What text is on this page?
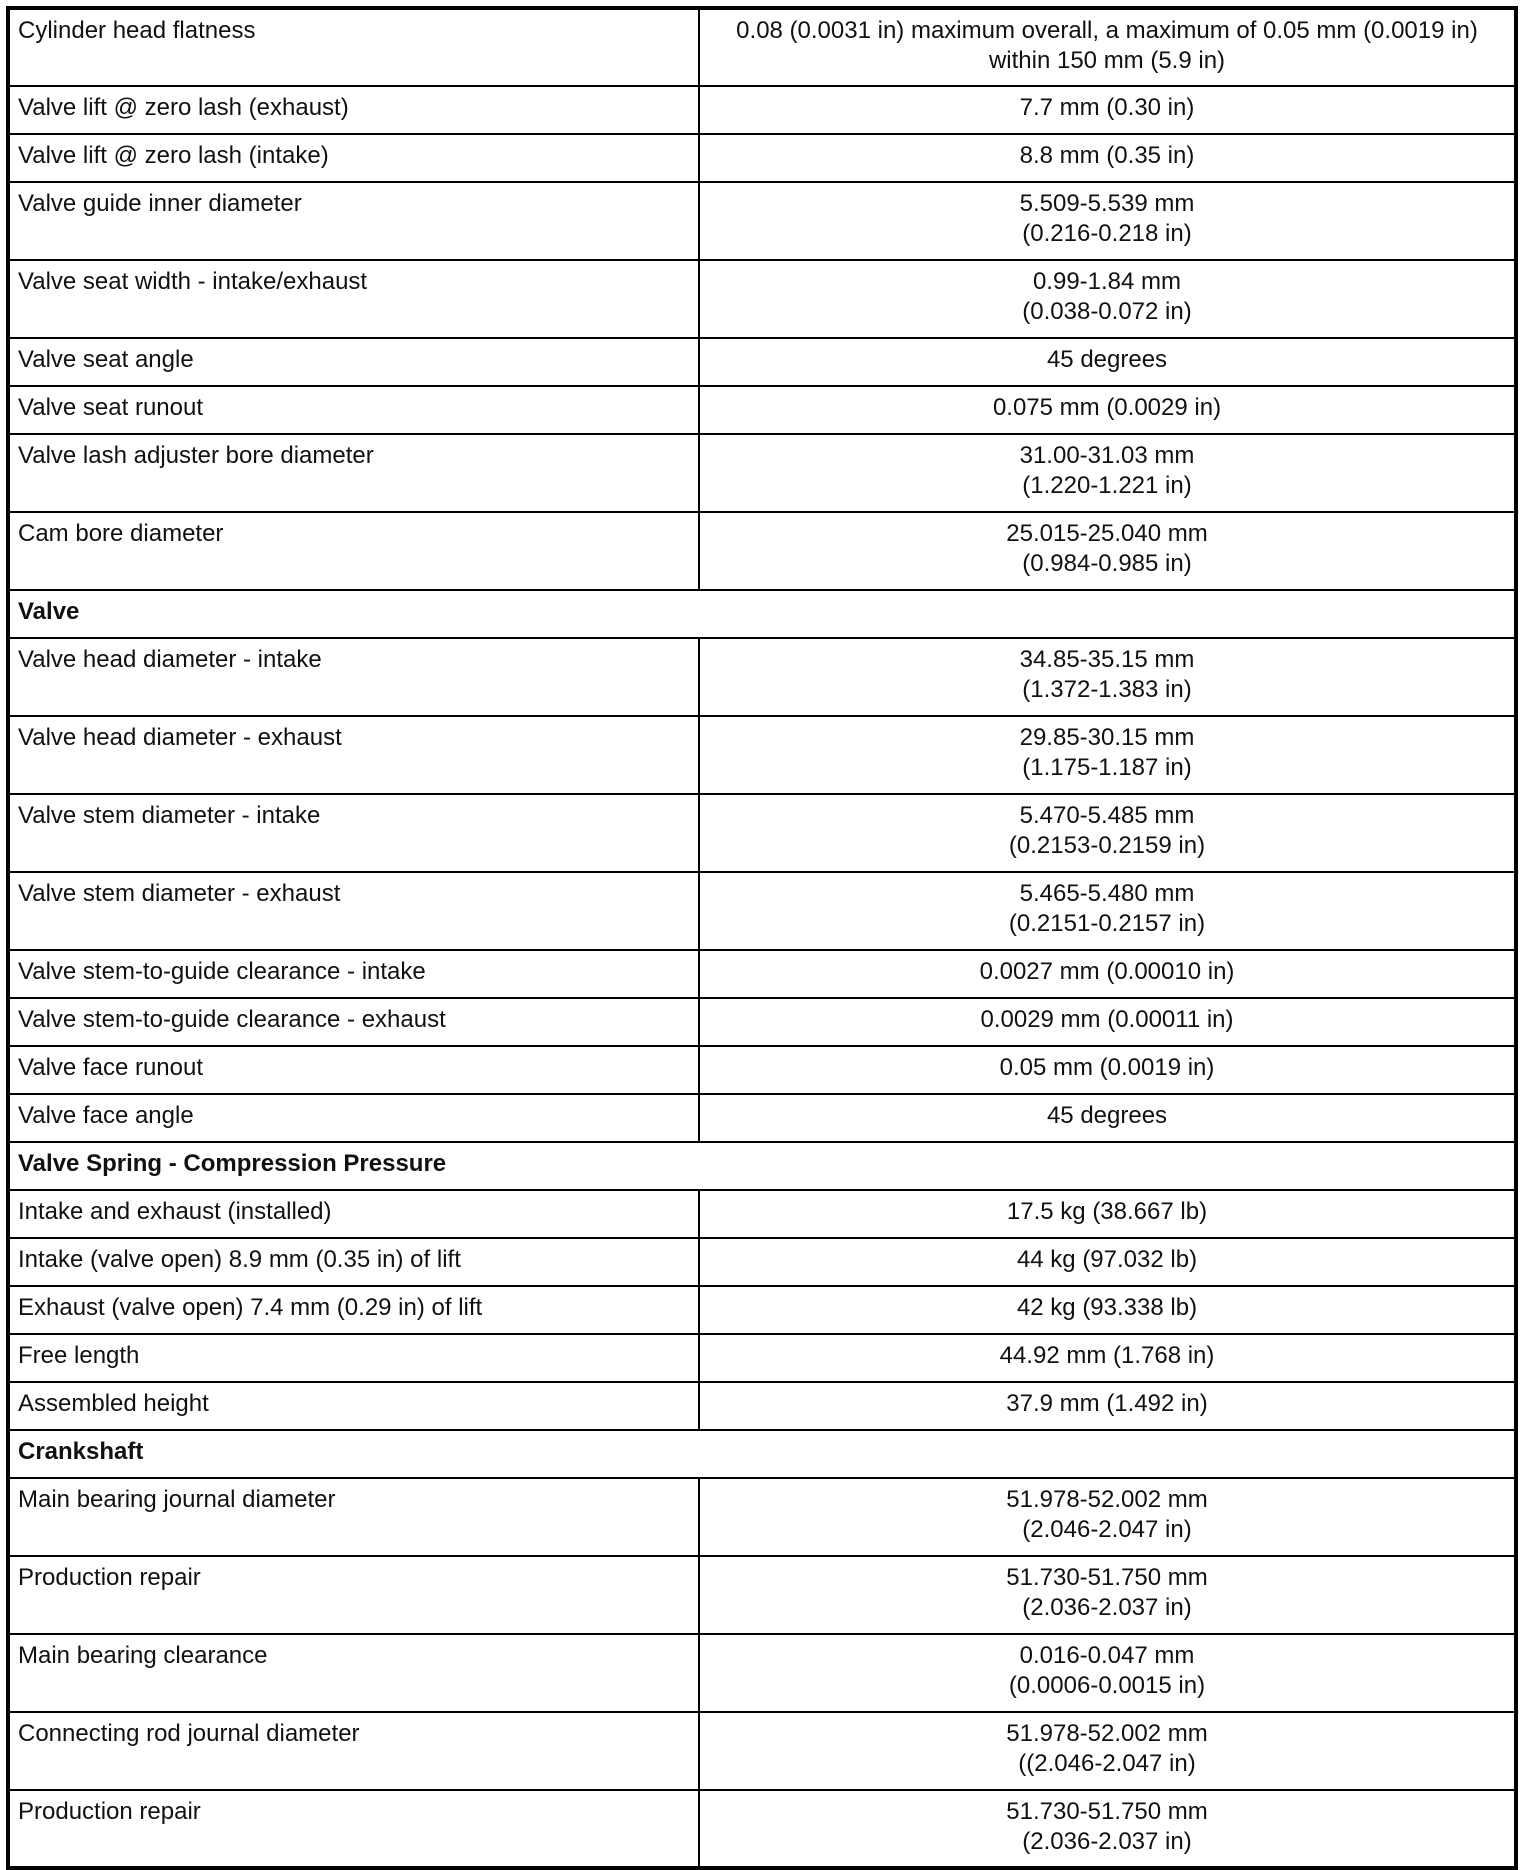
Cylinder head flatness	0.08 (0.0031 in) maximum overall, a maximum of 0.05 mm (0.0019 in)
within 150 mm (5.9 in)

Valve lift @ zero lash (exhaust)	7.7 mm (0.30 in)

Valve lift @ zero lash (intake)	8.8 mm (0.35 in)

Valve guide inner diameter	5.509-5.539 mm
(0.216-0.218 in)

Valve seat width - intake/exhaust	0.99-1.84 mm
(0.038-0.072 in)

Valve seat angle	45 degrees

Valve seat runout	0.075 mm (0.0029 in)

Valve lash adjuster bore diameter	31.00-31.03 mm
(1.220-1.221 in)

Cam bore diameter	25.015-25.040 mm
(0.984-0.985 in)

Valve	
Valve head diameter - intake	34.85-35.15 mm
(1.372-1.383 in)

Valve head diameter - exhaust	29.85-30.15 mm
(1.175-1.187 in)

Valve stem diameter - intake	5.470-5.485 mm
(0.2153-0.2159 in)

Valve stem diameter - exhaust	5.465-5.480 mm
(0.2151-0.2157 in)

Valve stem-to-guide clearance - intake	0.0027 mm (0.00010 in)

Valve stem-to-guide clearance - exhaust	0.0029 mm (0.00011 in)

Valve face runout	0.05 mm (0.0019 in)

Valve face angle	45 degrees

Valve Spring - Compression Pressure	
Intake and exhaust (installed)	17.5 kg (38.667 lb)

Intake (valve open) 8.9 mm (0.35 in) of lift	44 kg (97.032 lb)

Exhaust (valve open) 7.4 mm (0.29 in) of lift	42 kg (93.338 lb)

Free length	44.92 mm (1.768 in)

Assembled height	37.9 mm (1.492 in)

Crankshaft	
Main bearing journal diameter	51.978-52.002 mm
(2.046-2.047 in)

Production repair	51.730-51.750 mm
(2.036-2.037 in)

Main bearing clearance	0.016-0.047 mm
(0.0006-0.0015 in)

Connecting rod journal diameter	51.978-52.002 mm
((2.046-2.047 in)

Production repair	51.730-51.750 mm
(2.036-2.037 in)
